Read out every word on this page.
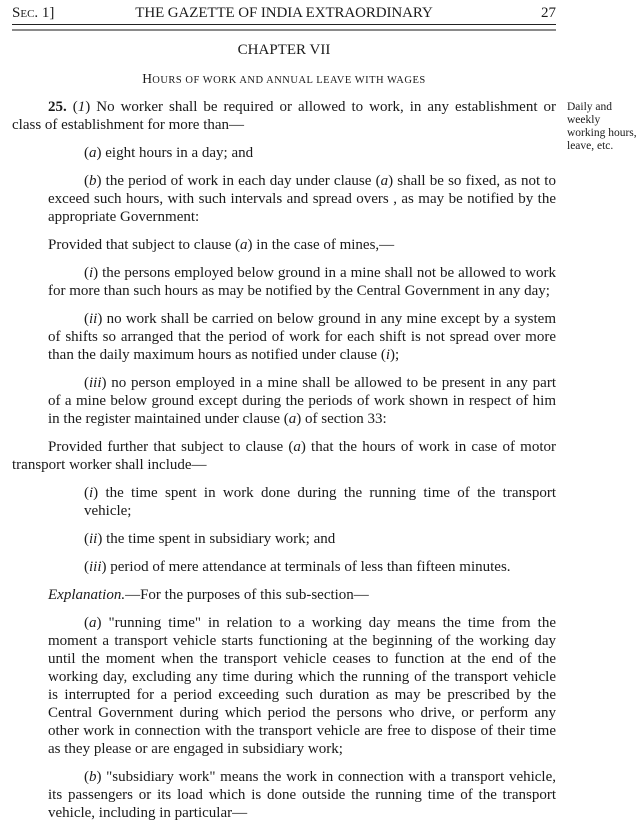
SEC. 1]	THE GAZETTE OF INDIA EXTRAORDINARY	27
CHAPTER VII
HOURS OF WORK AND ANNUAL LEAVE WITH WAGES
Daily and
weekly
working hours,
leave, etc.

25. (1) No worker shall be required or allowed to work, in any establishment or class of establishment for more than—

(a) eight hours in a day; and

(b) the period of work in each day under clause (a) shall be so fixed, as not to exceed such hours, with such intervals and spread overs , as may be notified by the appropriate Government:

Provided that subject to clause (a) in the case of mines,—

(i) the persons employed below ground in a mine shall not be allowed to work for more than such hours as may be notified by the Central Government in any day;

(ii) no work shall be carried on below ground in any mine except by a system of shifts so arranged that the period of work for each shift is not spread over more than the daily maximum hours as notified under clause (i);

(iii) no person employed in a mine shall be allowed to be present in any part of a mine below ground except during the periods of work shown in respect of him in the register maintained under clause (a) of section 33:

Provided further that subject to clause (a) that the hours of work in case of motor transport worker shall include—

(i) the time spent in work done during the running time of the transport vehicle;

(ii) the time spent in subsidiary work; and

(iii) period of mere attendance at terminals of less than fifteen minutes.

Explanation.—For the purposes of this sub-section—

(a) "running time" in relation to a working day means the time from the moment a transport vehicle starts functioning at the beginning of the working day until the moment when the transport vehicle ceases to function at the end of the working day, excluding any time during which the running of the transport vehicle is interrupted for a period exceeding such duration as may be prescribed by the Central Government during which period the persons who drive, or perform any other work in connection with the transport vehicle are free to dispose of their time as they please or are engaged in subsidiary work;

(b) "subsidiary work" means the work in connection with a transport vehicle, its passengers or its load which is done outside the running time of the transport vehicle, including in particular—
